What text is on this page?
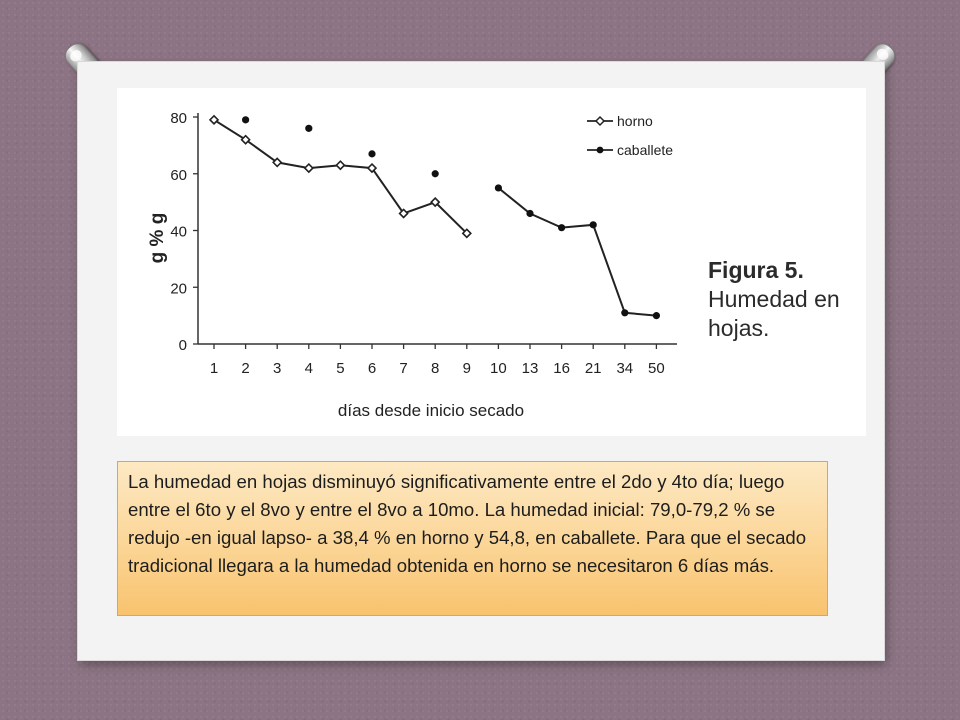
0
20
40
60
80
1 2 3 4 5 6 7 8 9 10 13 16 21 34 50
horno
caballete
g % g
días desde inicio secado
Figura 5.
Humedad en hojas.
La humedad en hojas disminuyó significativamente entre el 2do y 4to día; luego entre el 6to y el 8vo y entre el 8vo a 10mo. La humedad inicial: 79,0-79,2 % se redujo -en igual lapso- a 38,4 % en horno y 54,8, en caballete. Para que el secado tradicional llegara a la humedad obtenida en horno se necesitaron 6 días más.
